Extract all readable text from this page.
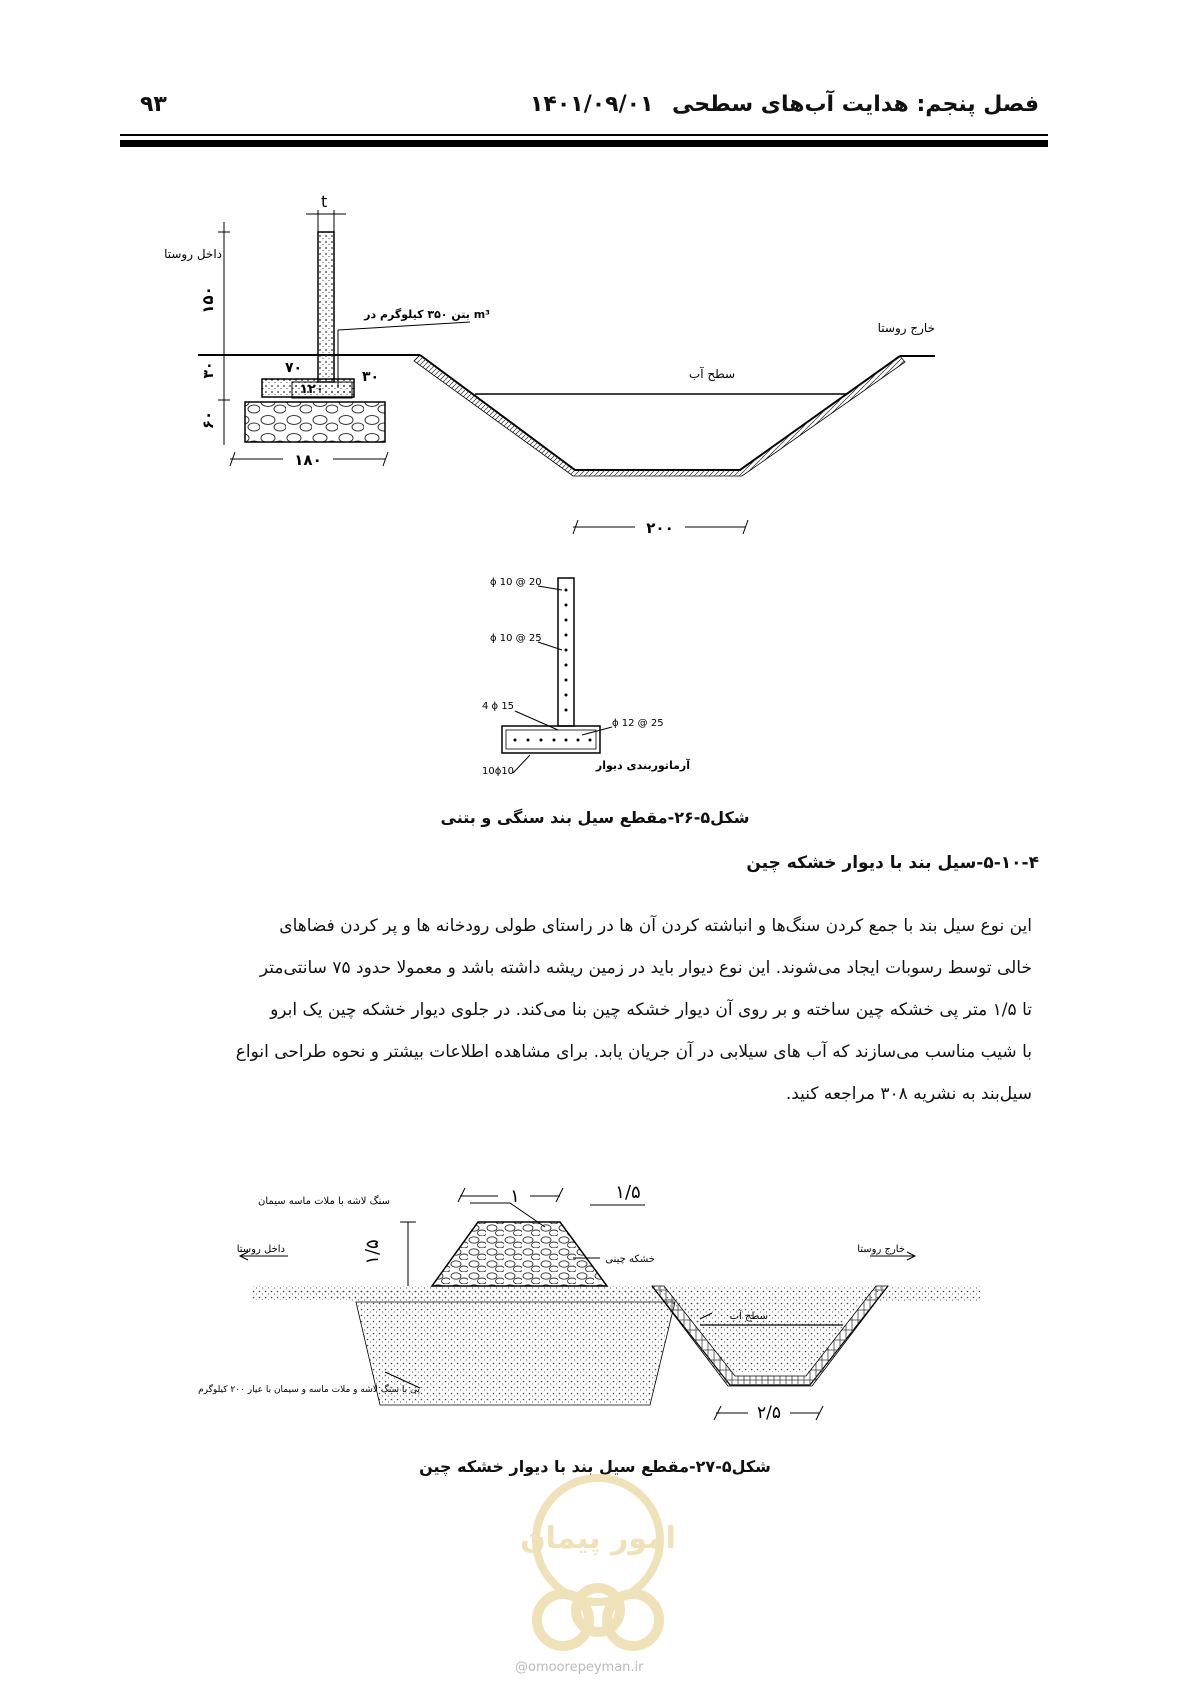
فصل پنجم: هدایت آب‌های سطحی
۱۴۰۱/۰۹/۰۱
۹۳
t
داخل روستا
خارج روستا
سطح آب
بتن ۳۵۰ کیلوگرم در m³
۱۵۰
۳۰
۶۰
۷۰
۳۰
۱۲۰
۱۸۰
۲۰۰
ϕ 10 @ 20
ϕ 10 @ 25
4 ϕ 15
ϕ 12 @ 25
10ϕ10	آرماتوربندی دیوار
شکل۵-۲۶-مقطع سیل بند سنگی و بتنی
۵-۱۰-۴-سیل بند با دیوار خشکه چین

این نوع سیل بند با جمع کردن سنگ‌ها و انباشته کردن آن ها در راستای طولی رودخانه ها و پر کردن فضاهای

خالی توسط رسوبات ایجاد می‌شوند. این نوع دیوار باید در زمین ریشه داشته باشد و معمولا حدود ۷۵ سانتی‌متر

تا ۱/۵ متر پی خشکه چین ساخته و بر روی آن دیوار خشکه چین بنا می‌کند. در جلوی دیوار خشکه چین یک ابرو

با شیب مناسب می‌سازند که آب های سیلابی در آن جریان یابد. برای مشاهده اطلاعات بیشتر و نحوه طراحی انواع

سیل‌بند به نشریه ۳۰۸ مراجعه کنید.

سنگ لاشه با ملات ماسه سیمان
خشکه چینی
داخل روستا	خارج روستا
سطح آب
پی با سنگ لاشه و ملات ماسه و سیمان با عیار ۲۰۰ کیلوگرم
۱	۱/۵
۱/۵
۲/۵
شکل۵-۲۷-مقطع سیل بند با دیوار خشکه چین
امور پیمان
@omoorepeyman.ir
